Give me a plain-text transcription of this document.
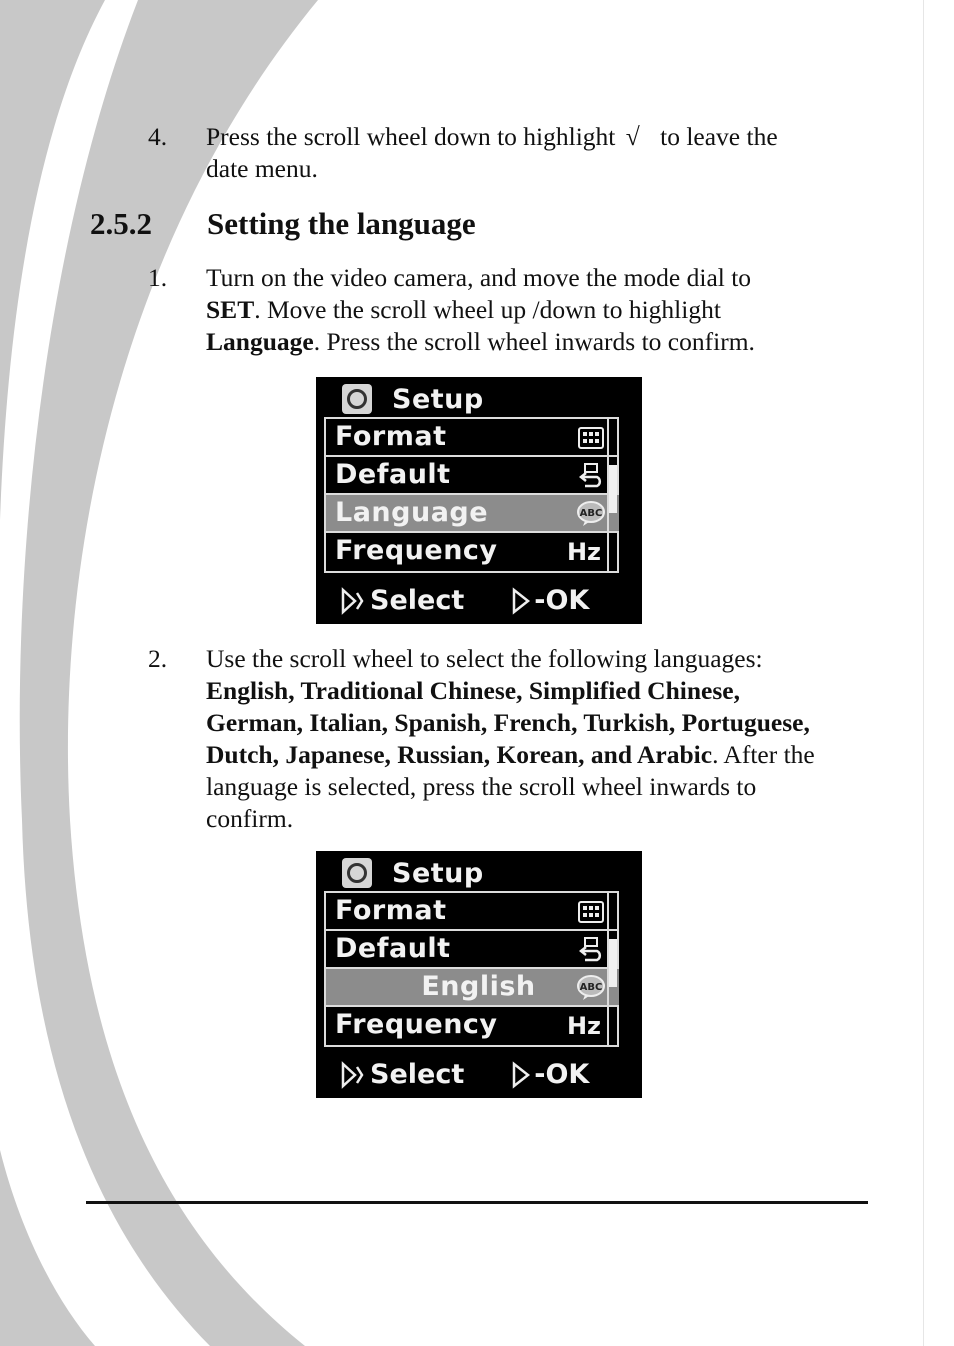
4.	Press the scroll wheel down to highlight √ to leave the
date menu.
2.5.2 Setting the language
1.	Turn on the video camera, and move the mode dial to
SET. Move the scroll wheel up /down to highlight
Language. Press the scroll wheel inwards to confirm.
Setup
Format
Default
Language	ABC
Frequency	Hz
Select	-OK
2.	Use the scroll wheel to select the following languages:
English, Traditional Chinese, Simplified Chinese,
German, Italian, Spanish, French, Turkish, Portuguese,
Dutch, Japanese, Russian, Korean, and Arabic. After the
language is selected, press the scroll wheel inwards to
confirm.
Setup
Format
Default
English	ABC
Frequency	Hz
Select	-OK
